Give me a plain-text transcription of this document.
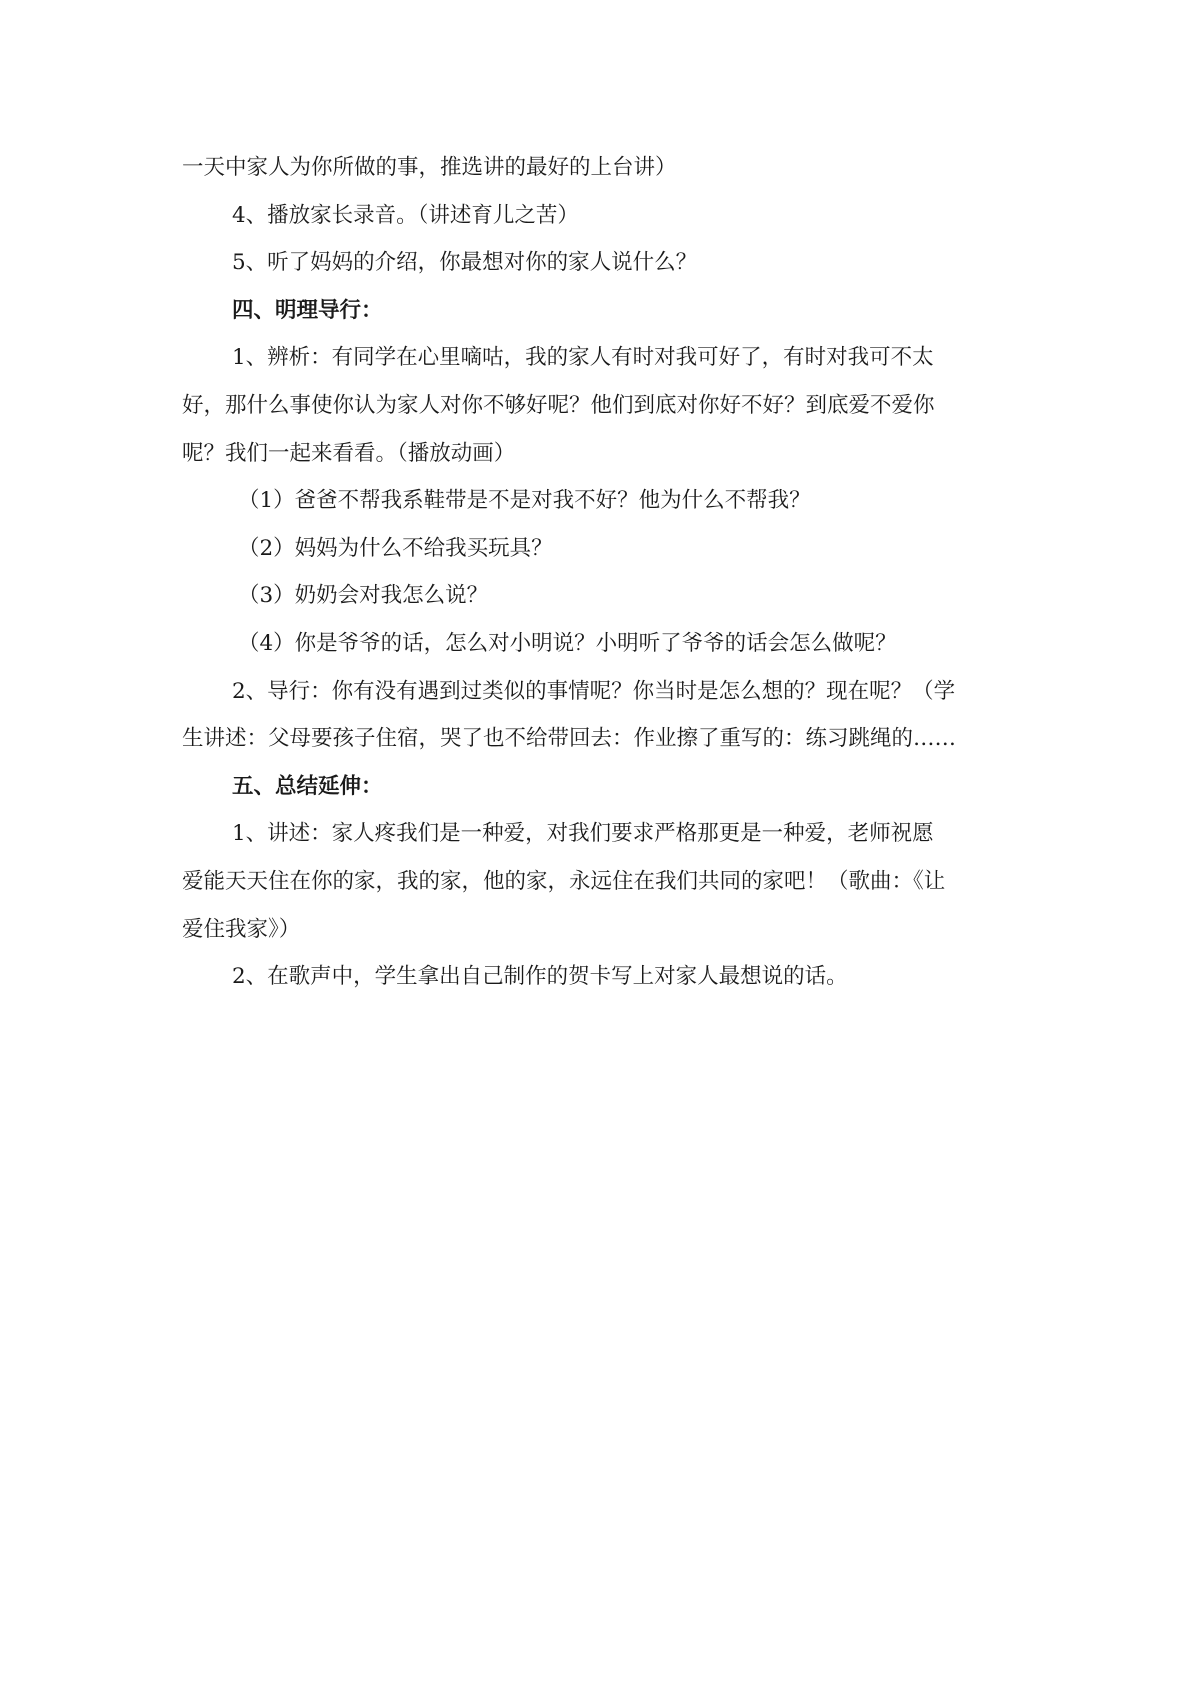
一天中家人为你所做的事，推选讲的最好的上台讲）
4、播放家长录音。（讲述育儿之苦）
5、听了妈妈的介绍，你最想对你的家人说什么？
四、明理导行：
1、辨析：有同学在心里嘀咕，我的家人有时对我可好了，有时对我可不太
好，那什么事使你认为家人对你不够好呢？他们到底对你好不好？到底爱不爱你
呢？我们一起来看看。（播放动画）
（1）爸爸不帮我系鞋带是不是对我不好？他为什么不帮我？
（2）妈妈为什么不给我买玩具？
（3）奶奶会对我怎么说？
（4）你是爷爷的话，怎么对小明说？小明听了爷爷的话会怎么做呢？
2、导行：你有没有遇到过类似的事情呢？你当时是怎么想的？现在呢？（学
生讲述：父母要孩子住宿，哭了也不给带回去：作业擦了重写的：练习跳绳的……
五、总结延伸：
1、讲述：家人疼我们是一种爱，对我们要求严格那更是一种爱，老师祝愿
爱能天天住在你的家，我的家，他的家，永远住在我们共同的家吧！（歌曲：《让
爱住我家》）
2、在歌声中，学生拿出自己制作的贺卡写上对家人最想说的话。
